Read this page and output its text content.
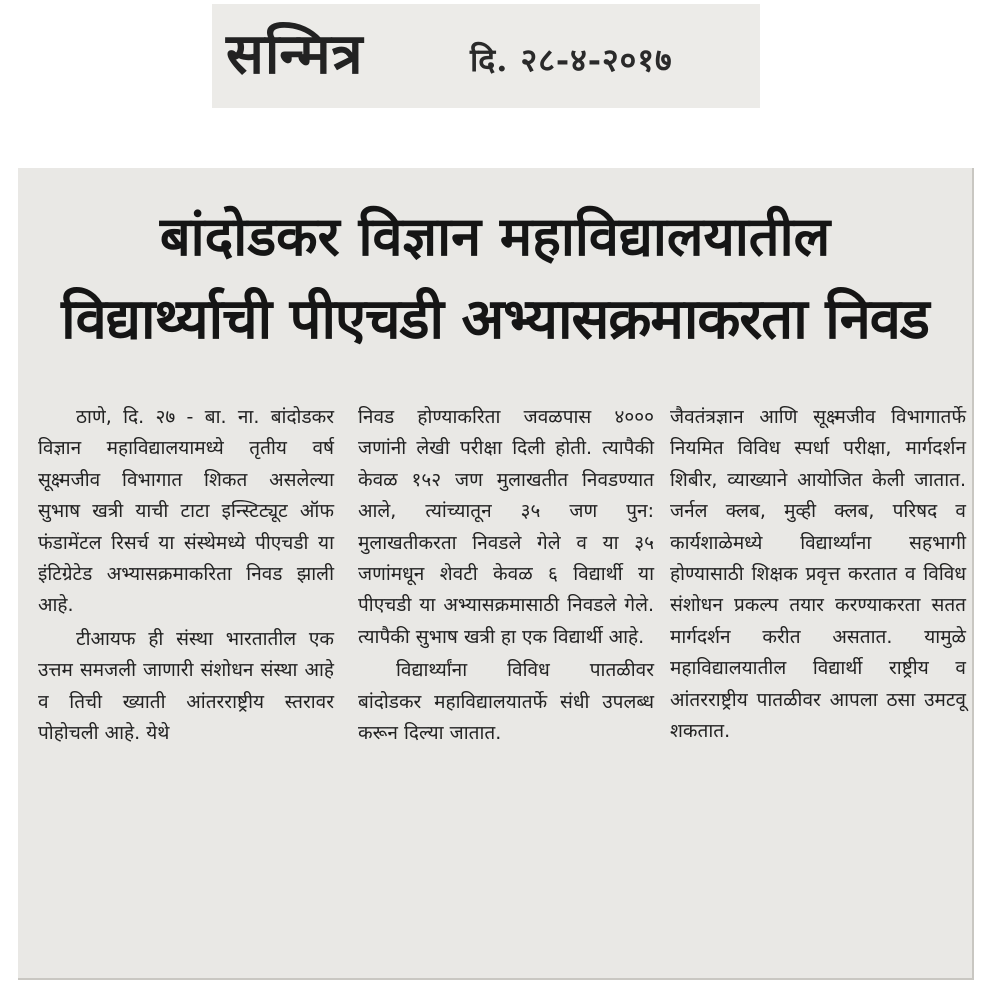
सन्मित्र	दि. २८-४-२०१७
बांदोडकर विज्ञान महाविद्यालयातील
विद्यार्थ्याची पीएचडी अभ्यासक्रमाकरता निवड

ठाणे, दि. २७ - बा. ना. बांदोडकर विज्ञान महाविद्यालयामध्ये तृतीय वर्ष सूक्ष्मजीव विभागात शिकत असलेल्या सुभाष खत्री याची टाटा इन्स्टिट्यूट ऑफ फंडामेंटल रिसर्च या संस्थेमध्ये पीएचडी या इंटिग्रेटेड अभ्यासक्रमाकरिता निवड झाली आहे.

टीआयफ ही संस्था भारतातील एक उत्तम समजली जाणारी संशोधन संस्था आहे व तिची ख्याती आंतरराष्ट्रीय स्तरावर पोहोचली आहे. येथे

निवड होण्याकरिता जवळपास ४००० जणांनी लेखी परीक्षा दिली होती. त्यापैकी केवळ १५२ जण मुलाखतीत निवडण्यात आले, त्यांच्यातून ३५ जण पुन: मुलाखतीकरता निवडले गेले व या ३५ जणांमधून शेवटी केवळ ६ विद्यार्थी या पीएचडी या अभ्यासक्रमासाठी निवडले गेले. त्यापैकी सुभाष खत्री हा एक विद्यार्थी आहे.

विद्यार्थ्यांना विविध पातळीवर बांदोडकर महाविद्यालयातर्फे संधी उपलब्ध करून दिल्या जातात.

जैवतंत्रज्ञान आणि सूक्ष्मजीव विभागातर्फे नियमित विविध स्पर्धा परीक्षा, मार्गदर्शन शिबीर, व्याख्याने आयोजित केली जातात. जर्नल क्लब, मुव्ही क्लब, परिषद व कार्यशाळेमध्ये विद्यार्थ्यांना सहभागी होण्यासाठी शिक्षक प्रवृत्त करतात व विविध संशोधन प्रकल्प तयार करण्याकरता सतत मार्गदर्शन करीत असतात. यामुळे महाविद्यालयातील विद्यार्थी राष्ट्रीय व आंतरराष्ट्रीय पातळीवर आपला ठसा उमटवू शकतात.
